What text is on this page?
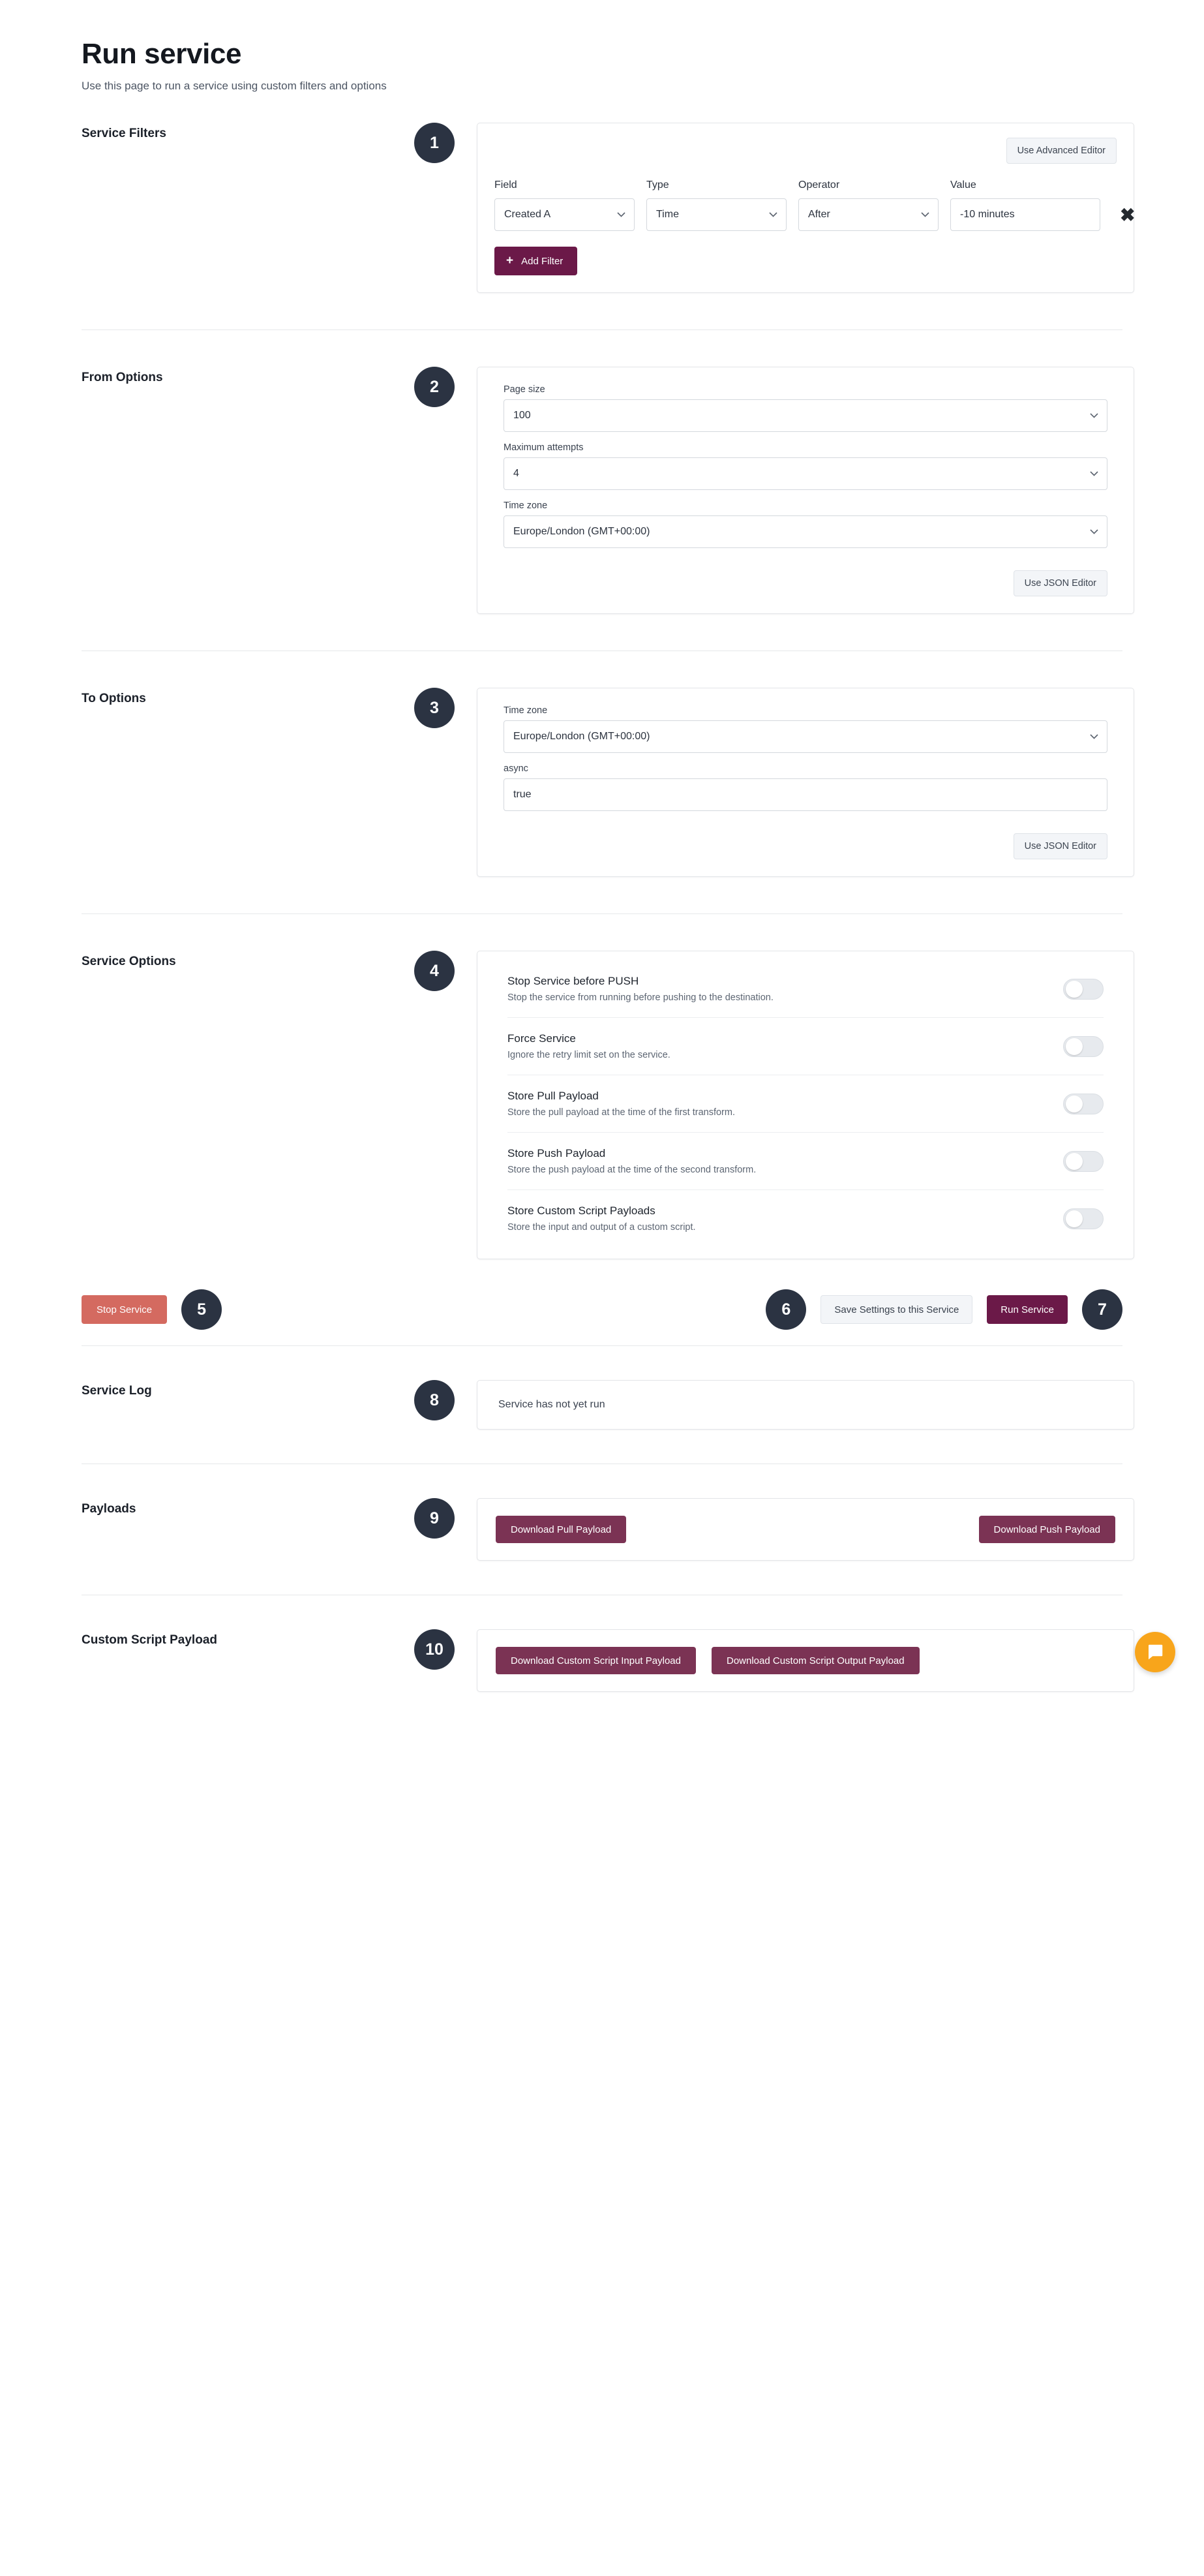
Run service
Use this page to run a service using custom filters and options
Service Filters	1	Use Advanced Editor
Field
Created A
Type
Time
Operator
After
Value
-10 minutes	✖
+ Add Filter
From Options	2	Page size
100
Maximum attempts
4
Time zone
Europe/London (GMT+00:00)
Use JSON Editor
To Options	3	Time zone
Europe/London (GMT+00:00)
async
true
Use JSON Editor
Service Options	4
Stop Service before PUSH
Stop the service from running before pushing to the destination.
Force Service
Ignore the retry limit set on the service.
Store Pull Payload
Store the pull payload at the time of the first transform.
Store Push Payload
Store the push payload at the time of the second transform.
Store Custom Script Payloads
Store the input and output of a custom script.
Stop Service	5	6	Save Settings to this Service	Run Service	7
Service Log	8	Service has not yet run
Payloads	9
Download Pull Payload	Download Push Payload
Custom Script Payload	10
Download Custom Script Input Payload	Download Custom Script Output Payload
